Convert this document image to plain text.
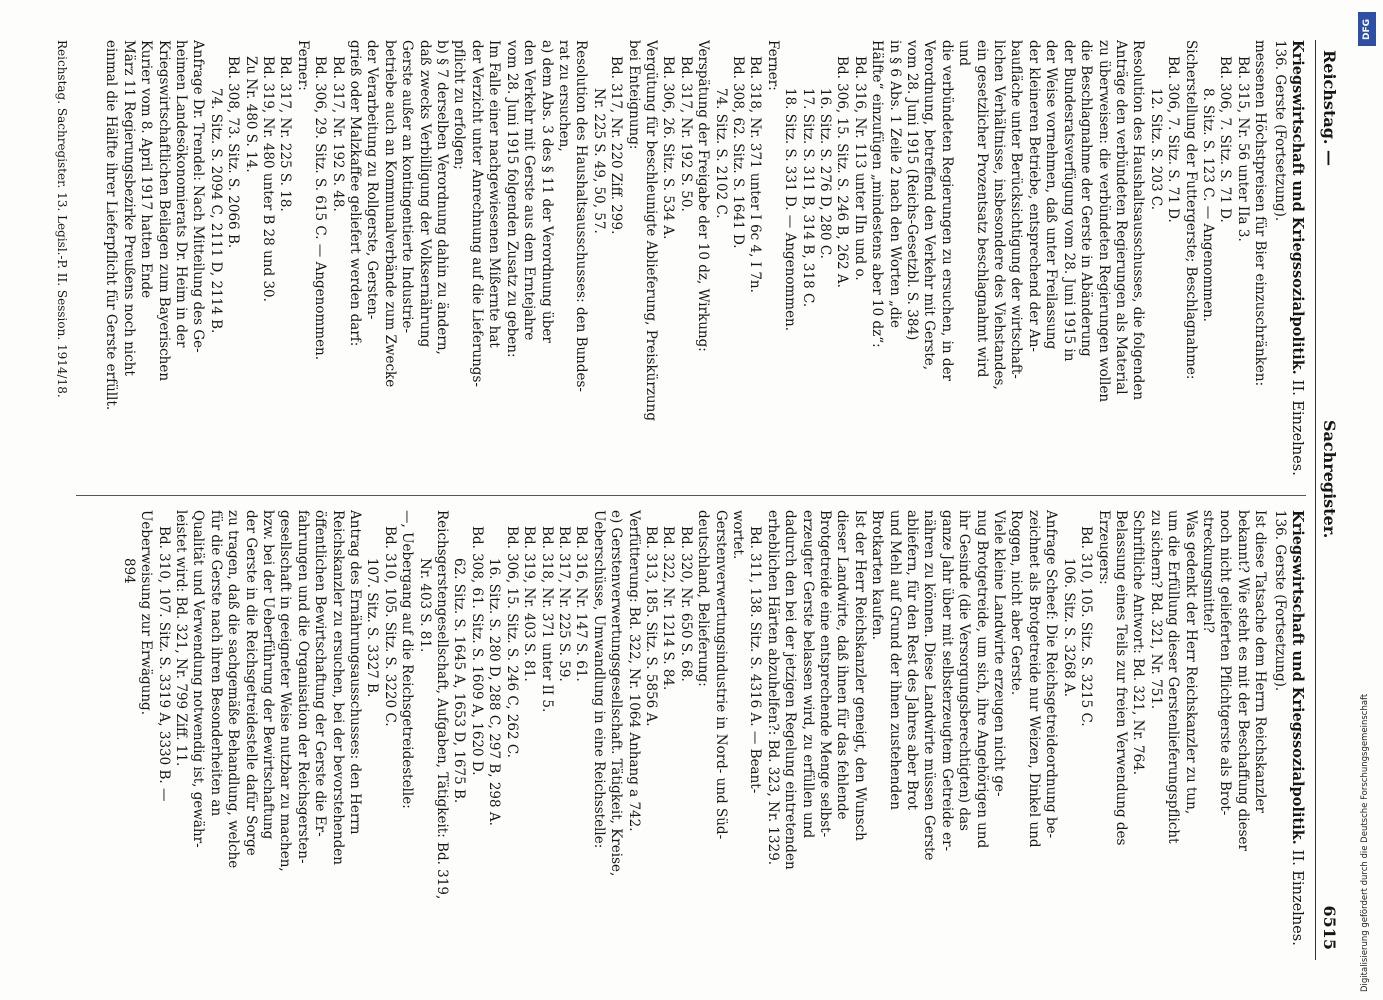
Reichstag. —
Sachregister.
6515

Kriegswirtschaft und Kriegssozialpolitik. II. Einzelnes.

136. Gerste (Fortsetzung).

messenen Höchstpreisen für Bier einzuschränken:

Bd. 315, Nr. 56 unter IIa 3.

Bd. 306, 7. Sitz. S. 71 D.

8. Sitz. S. 123 C. — Angenommen.

Sicherstellung der Futtergerste; Beschlagnahme:

Bd. 306, 7. Sitz. S. 71 D.

12. Sitz. S. 203 C.

Resolution des Haushaltsausschusses, die folgenden

Anträge den verbündeten Regierungen als Material

zu überweisen: die verbündeten Regierungen wollen

die Beschlagnahme der Gerste in Abänderung

der Bundesratsverfügung vom 28. Juni 1915 in

der Weise vornehmen, daß unter Freilassung

der kleineren Betriebe, entsprechend der An-

baufläche unter Berücksichtigung der wirtschaft-

lichen Verhältnisse, insbesondere des Viehstandes,

ein gesetzlicher Prozentsatz beschlagnahmt wird

und

die verbündeten Regierungen zu ersuchen, in der

Verordnung, betreffend den Verkehr mit Gerste,

vom 28. Juni 1915 (Reichs-Gesetzbl. S. 384)

in § 6 Abs. 1 Zeile 2 nach den Worten „die

Hälfte“ einzufügen „mindestens aber 10 dz“:

Bd. 316, Nr. 113 unter IIn und o.

Bd. 306, 15. Sitz. S. 246 B, 262 A.

16. Sitz. S. 276 D, 280 C.

17. Sitz. S. 311 B, 314 B, 318 C.

18. Sitz. S. 331 D. — Angenommen.

Ferner:

Bd. 318, Nr. 371 unter I 6c 4, I 7n.

Bd. 308, 62. Sitz. S. 1641 D.

74. Sitz. S. 2102 C.

Verspätung der Freigabe der 10 dz, Wirkung:

Bd. 317, Nr. 192 S. 50.

Bd. 306, 26. Sitz. S. 534 A.

Vergütung für beschleunigte Ablieferung, Preiskürzung

bei Enteignung:

Bd. 317, Nr. 220 Ziff. 299.

Nr. 225 S. 49, 50, 57.

Resolution des Haushaltsausschusses: den Bundes-

rat zu ersuchen,

a) dem Abs. 3 des § 11 der Verordnung über

den Verkehr mit Gerste aus dem Erntejahre

vom 28. Juni 1915 folgenden Zusatz zu geben:

Im Falle einer nachgewiesenen Mißernte hat

der Verzicht unter Anrechnung auf die Lieferungs-

pflicht zu erfolgen;

b) § 7 derselben Verordnung dahin zu ändern,

daß zwecks Verbilligung der Volksernährung

Gerste außer an kontingentierte Industrie-

betriebe auch an Kommunalverbände zum Zwecke

der Verarbeitung zu Rollgerste, Gersten-

grieß oder Malzkaffee geliefert werden darf:

Bd. 317, Nr. 192 S. 48.

Bd. 306, 29. Sitz. S. 615 C. — Angenommen.

Ferner:

Bd. 317, Nr. 225 S. 18.

Bd. 319, Nr. 480 unter B 28 und 30.

Zu Nr. 480 S. 14.

Bd. 308, 73. Sitz. S. 2066 B.

74. Sitz. S. 2094 C, 2111 D, 2114 B.

Anfrage Dr. Trendel: Nach Mitteilung des Ge-

heimen Landesökonomierats Dr. Heim in der

Kriegswirtschaftlichen Beilagen zum Bayerischen

Kurier vom 8. April 1917 hatten Ende

März 11 Regierungsbezirke Preußens noch nicht

einmal die Hälfte ihrer Lieferpflicht für Gerste erfüllt.

Kriegswirtschaft und Kriegssozialpolitik. II. Einzelnes.

136. Gerste (Fortsetzung).

Ist diese Tatsache dem Herrn Reichskanzler

bekannt? Wie steht es mit der Beschaffung dieser

noch nicht gelieferten Pflichtgerste als Brot-

streckungsmittel?

Was gedenkt der Herr Reichskanzler zu tun,

um die Erfüllung dieser Gerstenlieferungspflicht

zu sichern? Bd. 321, Nr. 751.

Schriftliche Antwort: Bd. 321, Nr. 764.

Belassung eines Teils zur freien Verwendung des

Erzeugers:

Bd. 310, 105. Sitz. S. 3215 C.

106. Sitz. S. 3268 A.

Anfrage Scheef: Die Reichsgetreideordnung be-

zeichnet als Brotgetreide nur Weizen, Dinkel und

Roggen, nicht aber Gerste.

Viele kleine Landwirte erzeugen nicht ge-

nug Brotgetreide, um sich, ihre Angehörigen und

ihr Gesinde (die Versorgungsberechtigten) das

ganze Jahr über mit selbsterzeugtem Getreide er-

nähren zu können. Diese Landwirte müssen Gerste

abliefern, für den Rest des Jahres aber Brot

und Mehl auf Grund der ihnen zustehenden

Brotkarten kaufen.

Ist der Herr Reichskanzler geneigt, den Wunsch

dieser Landwirte, daß ihnen für das fehlende

Brotgetreide eine entsprechende Menge selbst-

erzeugter Gerste belassen wird, zu erfüllen und

dadurch den bei der jetzigen Regelung eintretenden

erheblichen Härten abzuhelfen?: Bd. 323, Nr. 1329.

Bd. 311, 138. Sitz. S. 4316 A. — Beant-

wortet.

Gerstenverwertungsindustrie in Nord- und Süd-

deutschland, Belieferung:

Bd. 320, Nr. 650 S. 68.

Bd. 322, Nr. 1214 S. 84.

Bd. 313, 185. Sitz. S. 5856 A.

Verfütterung: Bd. 322, Nr. 1064 Anhang a 742.

e) Gerstenverwertungsgesellschaft. Tätigkeit, Kreise,

Ueberschüsse, Umwandlung in eine Reichsstelle:

Bd. 316, Nr. 147 S. 61.

Bd. 317, Nr. 225 S. 59.

Bd. 318, Nr. 371 unter II 5.

Bd. 319, Nr. 403 S. 81.

Bd. 306, 15. Sitz. S. 246 C, 262 C.

16. Sitz. S. 280 D, 288 C, 297 B, 298 A.

Bd. 308, 61. Sitz. S. 1609 A, 1620 D.

62. Sitz. S. 1645 A, 1653 D, 1675 B.

Reichsgerstengesellschaft, Aufgaben, Tätigkeit: Bd. 319,

Nr. 403 S. 81.

—, Uebergang auf die Reichsgetreidestelle:

Bd. 310, 105. Sitz. S. 3220 C.

107. Sitz. S. 3327 B.

Antrag des Ernährungsausschusses: den Herrn

Reichskanzler zu ersuchen, bei der bevorstehenden

öffentlichen Bewirtschaftung der Gerste die Er-

fahrungen und die Organisation der Reichsgersten-

gesellschaft in geeigneter Weise nutzbar zu machen,

bzw. bei der Ueberführung der Bewirtschaftung

der Gerste in die Reichsgetreidestelle dafür Sorge

zu tragen, daß die sachgemäße Behandlung, welche

für die Gerste nach ihren Besonderheiten an

Qualität und Verwendung notwendig ist, gewähr-

leistet wird: Bd. 321, Nr. 799 Ziff. 11.

Bd. 310, 107. Sitz. S. 3319 A, 3330 B. —

Ueberweisung zur Erwägung.

894

Reichstag. Sachregister. 13. Legisl.-P. II. Session. 1914/18.
DFG
Digitalisierung gefördert durch die Deutsche Forschungsgemeinschaft
